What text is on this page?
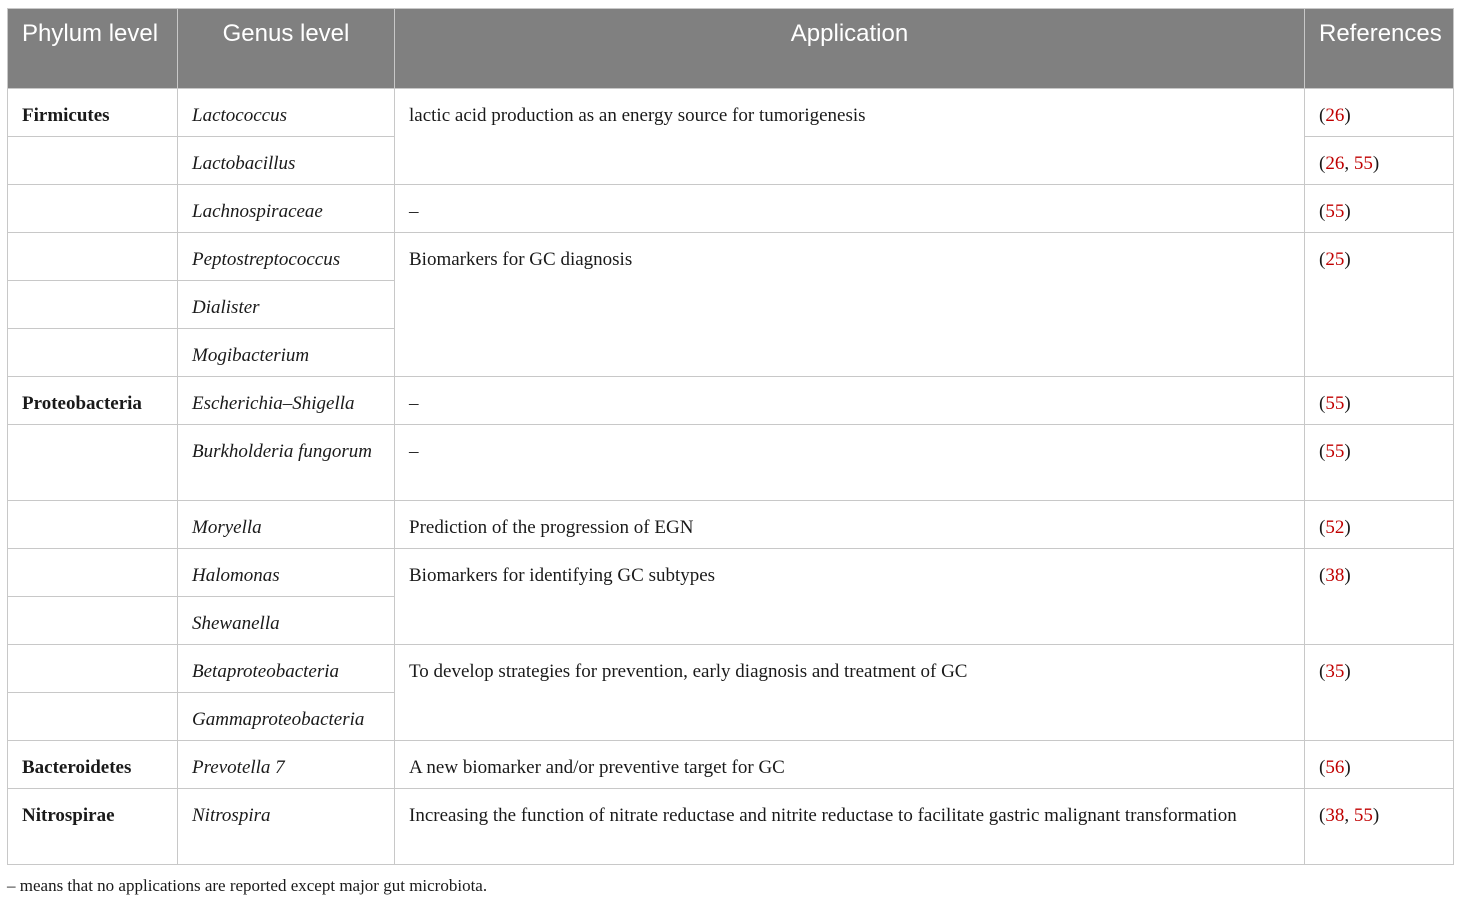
Phylum level	Genus level	Application	References
Firmicutes	Lactococcus	lactic acid production as an energy source for tumorigenesis	(26)
	Lactobacillus		(26, 55)
	Lachnospiraceae	–	(55)
	Peptostreptococcus	Biomarkers for GC diagnosis	(25)
	Dialister		
	Mogibacterium		
Proteobacteria	Escherichia–Shigella	–	(55)
	Burkholderia fungorum	–	(55)
	Moryella	Prediction of the progression of EGN	(52)
	Halomonas	Biomarkers for identifying GC subtypes	(38)
	Shewanella		
	Betaproteobacteria	To develop strategies for prevention, early diagnosis and treatment of GC	(35)
	Gammaproteobacteria		
Bacteroidetes	Prevotella 7	A new biomarker and/or preventive target for GC	(56)
Nitrospirae	Nitrospira	Increasing the function of nitrate reductase and nitrite reductase to facilitate gastric malignant transformation	(38, 55)
– means that no applications are reported except major gut microbiota.
